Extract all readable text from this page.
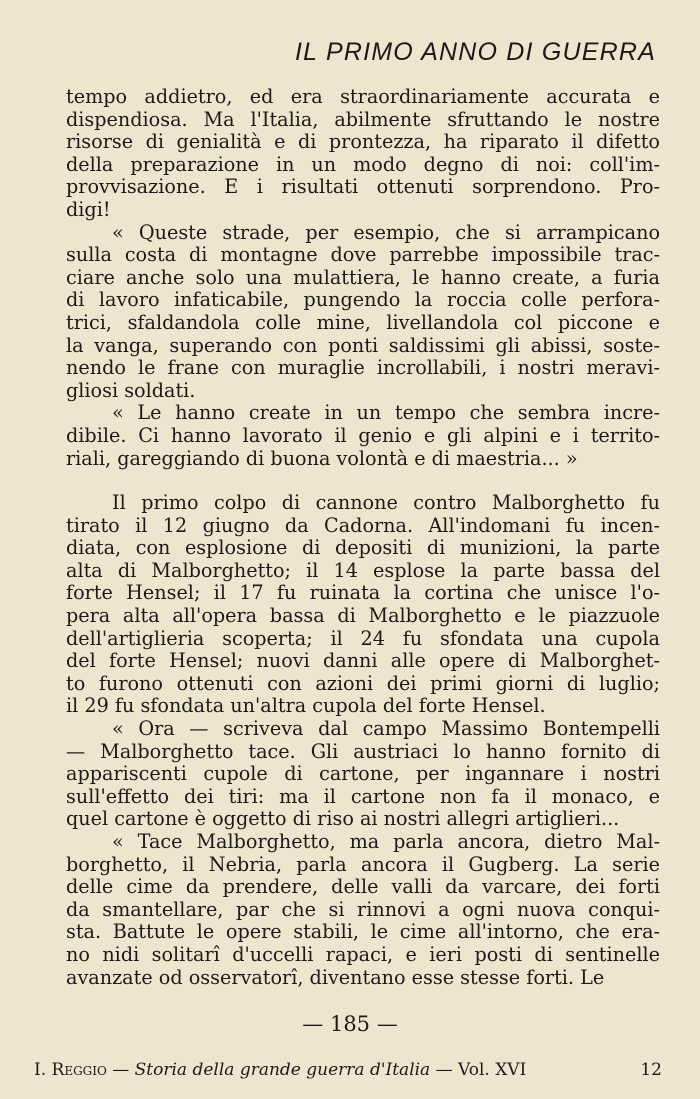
IL PRIMO ANNO DI GUERRA
tempo addietro, ed era straordinariamente accurata e
dispendiosa. Ma l'Italia, abilmente sfruttando le nostre
risorse di genialità e di prontezza, ha riparato il difetto
della preparazione in un modo degno di noi: coll'im-
provvisazione. E i risultati ottenuti sorprendono. Pro-
digi!
« Queste strade, per esempio, che si arrampicano
sulla costa di montagne dove parrebbe impossibile trac-
ciare anche solo una mulattiera, le hanno create, a furia
di lavoro infaticabile, pungendo la roccia colle perfora-
trici, sfaldandola colle mine, livellandola col piccone e
la vanga, superando con ponti saldissimi gli abissi, soste-
nendo le frane con muraglie incrollabili, i nostri meravi-
gliosi soldati.
« Le hanno create in un tempo che sembra incre-
dibile. Ci hanno lavorato il genio e gli alpini e i territo-
riali, gareggiando di buona volontà e di maestria... »
Il primo colpo di cannone contro Malborghetto fu
tirato il 12 giugno da Cadorna. All'indomani fu incen-
diata, con esplosione di depositi di munizioni, la parte
alta di Malborghetto; il 14 esplose la parte bassa del
forte Hensel; il 17 fu ruinata la cortina che unisce l'o-
pera alta all'opera bassa di Malborghetto e le piazzuole
dell'artiglieria scoperta; il 24 fu sfondata una cupola
del forte Hensel; nuovi danni alle opere di Malborghet-
to furono ottenuti con azioni dei primi giorni di luglio;
il 29 fu sfondata un'altra cupola del forte Hensel.
« Ora — scriveva dal campo Massimo Bontempelli
— Malborghetto tace. Gli austriaci lo hanno fornito di
appariscenti cupole di cartone, per ingannare i nostri
sull'effetto dei tiri: ma il cartone non fa il monaco, e
quel cartone è oggetto di riso ai nostri allegri artiglieri...
« Tace Malborghetto, ma parla ancora, dietro Mal-
borghetto, il Nebria, parla ancora il Gugberg. La serie
delle cime da prendere, delle valli da varcare, dei forti
da smantellare, par che si rinnovi a ogni nuova conqui-
sta. Battute le opere stabili, le cime all'intorno, che era-
no nidi solitarî d'uccelli rapaci, e ieri posti di sentinelle
avanzate od osservatorî, diventano esse stesse forti. Le
— 185 —
I. Reggio — Storia della grande guerra d'Italia — Vol. XVI	12
